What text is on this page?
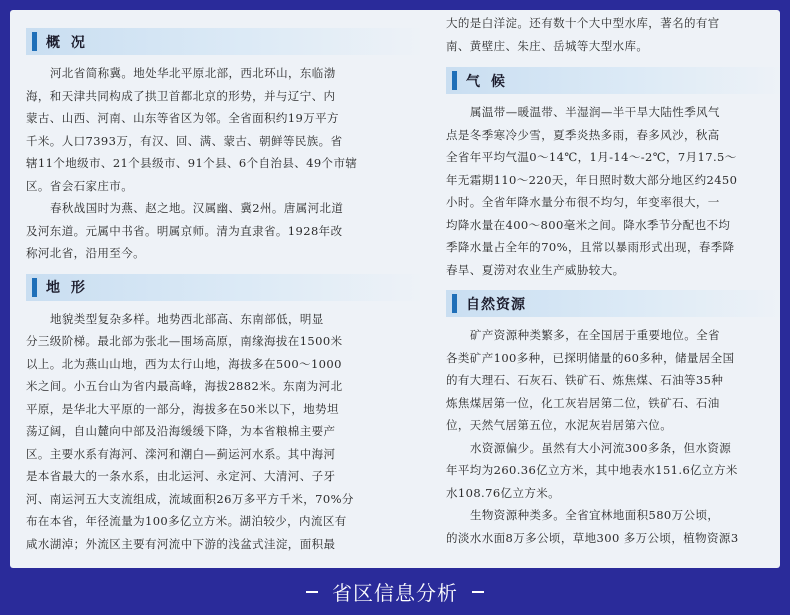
概 况

河北省简称冀。地处华北平原北部，西北环山，东临渤
海，和天津共同构成了拱卫首都北京的形势，并与辽宁、内
蒙古、山西、河南、山东等省区为邻。全省面积约19万平方
千米。人口7393万，有汉、回、满、蒙古、朝鲜等民族。省
辖11个地级市、21个县级市、91个县、6个自治县、49个市辖
区。省会石家庄市。

春秋战国时为燕、赵之地。汉属幽、冀2州。唐属河北道
及河东道。元属中书省。明属京师。清为直隶省。1928年改
称河北省，沿用至今。

地 形

地貌类型复杂多样。地势西北部高、东南部低，明显
分三级阶梯。最北部为张北—围场高原，南缘海拔在1500米
以上。北为燕山山地，西为太行山地，海拔多在500～1000
米之间。小五台山为省内最高峰，海拔2882米。东南为河北
平原，是华北大平原的一部分，海拔多在50米以下，地势坦
荡辽阔，自山麓向中部及沿海缓缓下降，为本省粮棉主要产
区。主要水系有海河、滦河和潮白—蓟运河水系。其中海河
是本省最大的一条水系，由北运河、永定河、大清河、子牙
河、南运河五大支流组成，流域面积26万多平方千米，70%分
布在本省，年径流量为100多亿立方米。湖泊较少，内流区有
咸水湖淖；外流区主要有河流中下游的浅盆式洼淀，面积最

大的是白洋淀。还有数十个大中型水库，著名的有官
南、黄壁庄、朱庄、岳城等大型水库。

气 候

属温带—暖温带、半湿润—半干旱大陆性季风气
点是冬季寒冷少雪，夏季炎热多雨，春多风沙，秋高
全省年平均气温0～14℃，1月-14～-2℃，7月17.5～
年无霜期110～220天，年日照时数大部分地区约2450
小时。全省年降水量分布很不均匀，年变率很大，一
均降水量在400～800毫米之间。降水季节分配也不均
季降水量占全年的70%，且常以暴雨形式出现，春季降
春旱、夏涝对农业生产威胁较大。

自然资源

矿产资源种类繁多，在全国居于重要地位。全省
各类矿产100多种，已探明储量的60多种，储量居全国
的有大理石、石灰石、铁矿石、炼焦煤、石油等35种
炼焦煤居第一位，化工灰岩居第二位，铁矿石、石油
位，天然气居第五位，水泥灰岩居第六位。

水资源偏少。虽然有大小河流300多条，但水资源
年平均为260.36亿立方米，其中地表水151.6亿立方米
水108.76亿立方米。

生物资源种类多。全省宜林地面积580万公顷，
的淡水水面8万多公顷，草地300 多万公顷，植物资源3

省区信息分析
